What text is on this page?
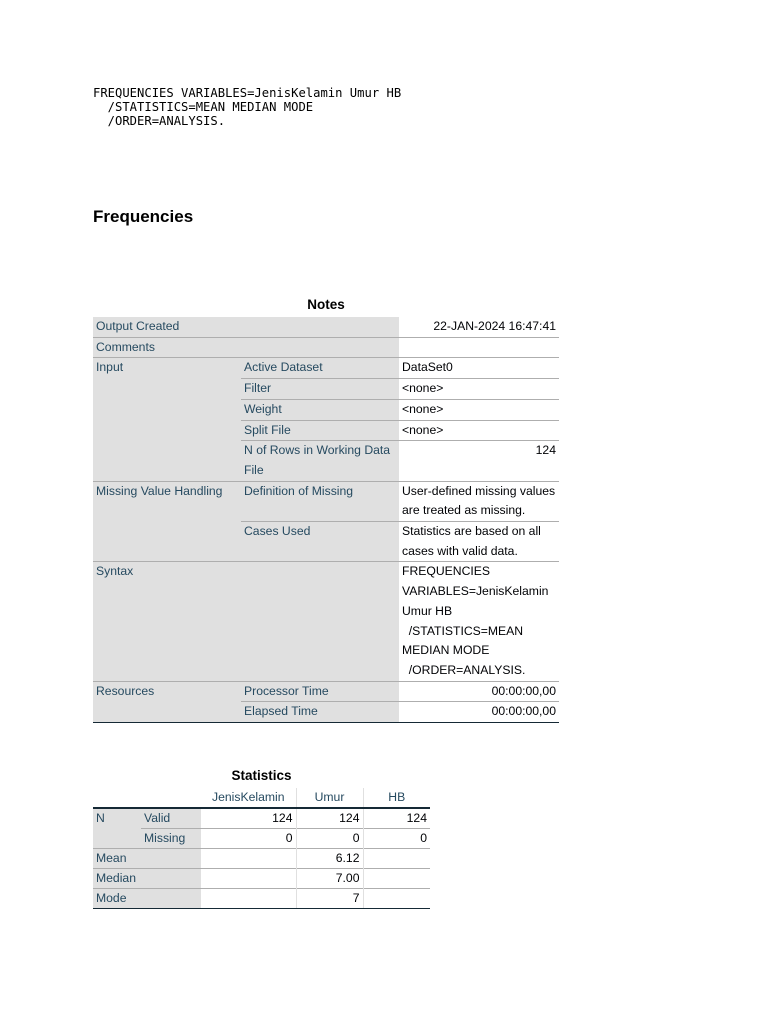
FREQUENCIES VARIABLES=JenisKelamin Umur HB
/STATISTICS=MEAN MEDIAN MODE
/ORDER=ANALYSIS.
Frequencies
Notes
Output Created		22-JAN-2024 16:47:41
Comments		
Input	Active Dataset	DataSet0
	Filter	<none>
	Weight	<none>
	Split File	<none>
	N of Rows in Working Data File	124
Missing Value Handling	Definition of Missing	User-defined missing values are treated as missing.
	Cases Used	Statistics are based on all cases with valid data.
Syntax		FREQUENCIES VARIABLES=JenisKelamin Umur HB
/STATISTICS=MEAN MEDIAN MODE
/ORDER=ANALYSIS.
Resources	Processor Time	00:00:00,00
	Elapsed Time	00:00:00,00
Statistics
		JenisKelamin	Umur	HB
N	Valid	124	124	124
	Missing	0	0	0
Mean			6.12	
Median			7.00	
Mode			7	
